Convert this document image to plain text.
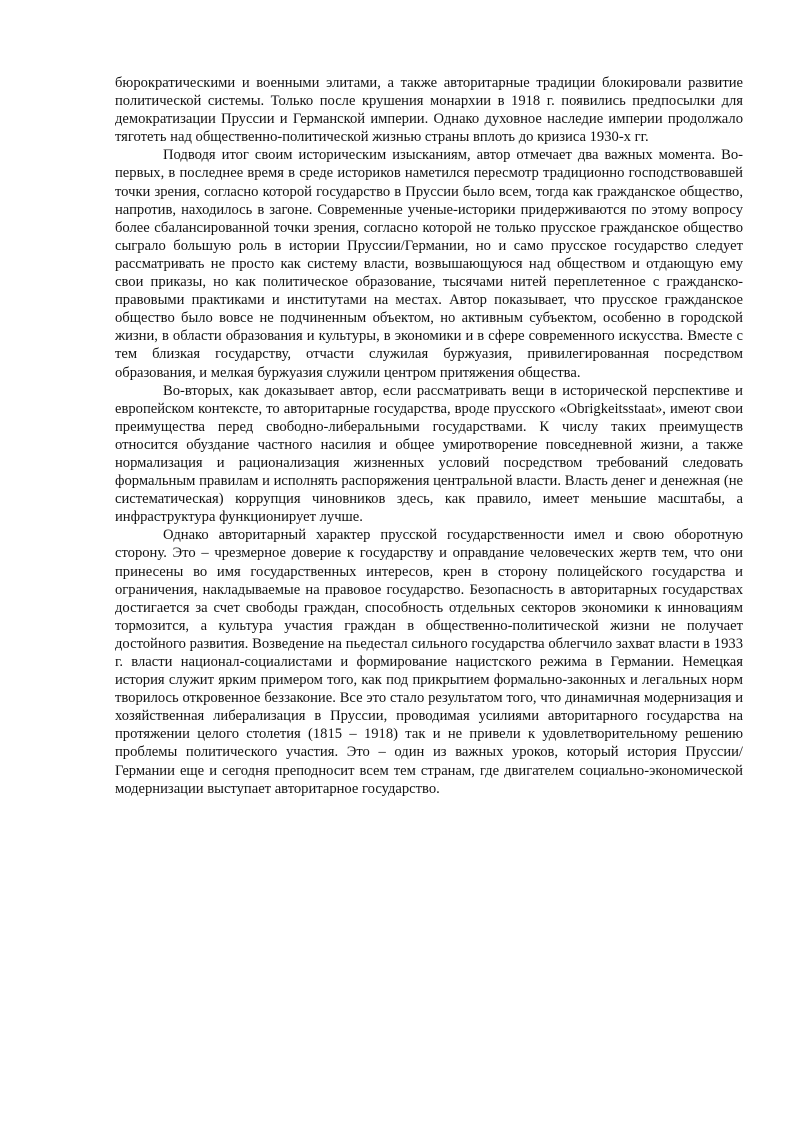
бюрократическими и военными элитами, а также авторитарные традиции блокировали развитие политической системы. Только после крушения монархии в 1918 г. появились предпосылки для демократизации Пруссии и Германской империи. Однако духовное наследие империи продолжало тяготеть над общественно-политической жизнью страны вплоть до кризиса 1930-х гг.

Подводя итог своим историческим изысканиям, автор отмечает два важных момента. Во-первых, в последнее время в среде историков наметился пересмотр традиционно господствовавшей точки зрения, согласно которой государство в Пруссии было всем, тогда как гражданское общество, напротив, находилось в загоне. Современные ученые-историки придерживаются по этому вопросу более сбалансированной точки зрения, согласно которой не только прусское гражданское общество сыграло большую роль в истории Пруссии/Германии, но и само прусское государство следует рассматривать не просто как систему власти, возвышающуюся над обществом и отдающую ему свои приказы, но как политическое образование, тысячами нитей переплетенное с гражданско-правовыми практиками и институтами на местах. Автор показывает, что прусское гражданское общество было вовсе не подчиненным объектом, но активным субъектом, особенно в городской жизни, в области образования и культуры, в экономики и в сфере современного искусства. Вместе с тем близкая государству, отчасти служилая буржуазия, привилегированная посредством образования, и мелкая буржуазия служили центром притяжения общества.

Во-вторых, как доказывает автор, если рассматривать вещи в исторической перспективе и европейском контексте, то авторитарные государства, вроде прусского «Obrigkeitsstaat», имеют свои преимущества перед свободно-либеральными государствами. К числу таких преимуществ относится обуздание частного насилия и общее умиротворение повседневной жизни, а также нормализация и рационализация жизненных условий посредством требований следовать формальным правилам и исполнять распоряжения центральной власти. Власть денег и денежная (не систематическая) коррупция чиновников здесь, как правило, имеет меньшие масштабы, а инфраструктура функционирует лучше.

Однако авторитарный характер прусской государственности имел и свою оборотную сторону. Это – чрезмерное доверие к государству и оправдание человеческих жертв тем, что они принесены во имя государственных интересов, крен в сторону полицейского государства и ограничения, накладываемые на правовое государство. Безопасность в авторитарных государствах достигается за счет свободы граждан, способность отдельных секторов экономики к инновациям тормозится, а культура участия граждан в общественно-политической жизни не получает достойного развития. Возведение на пьедестал сильного государства облегчило захват власти в 1933 г. власти национал-социалистами и формирование нацистского режима в Германии. Немецкая история служит ярким примером того, как под прикрытием формально-законных и легальных норм творилось откровенное беззаконие. Все это стало результатом того, что динамичная модернизация и хозяйственная либерализация в Пруссии, проводимая усилиями авторитарного государства на протяжении целого столетия (1815 – 1918) так и не привели к удовлетворительному решению проблемы политического участия. Это – один из важных уроков, который история Пруссии/Германии еще и сегодня преподносит всем тем странам, где двигателем социально-экономической модернизации выступает авторитарное государство.
